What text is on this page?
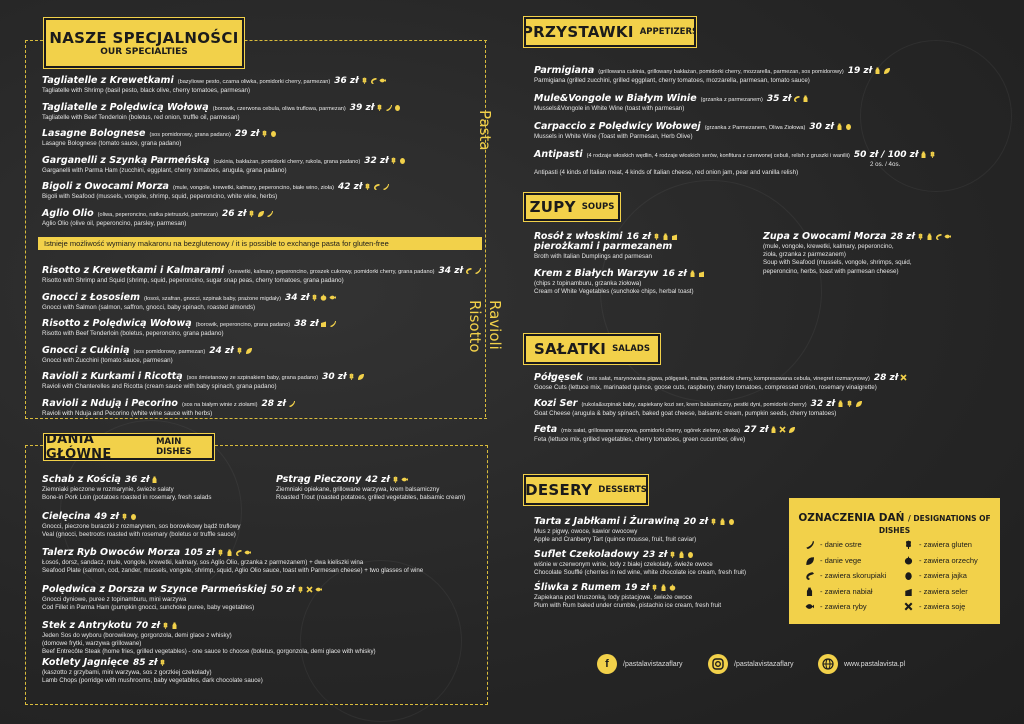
NASZE SPECJALNOŚCI
OUR SPECIALTIES
Pasta
Ravioli
Risotto
Tagliatelle z Krewetkami (bazyliowe pesto, czarna oliwka, pomidorki cherry, parmezan) 36 zł
Tagliatelle with Shrimp (basil pesto, black olive, cherry tomatoes, parmesan)
Tagliatelle z Polędwicą Wołową (borowik, czerwona cebula, oliwa truflowa, parmezan) 39 zł
Tagliatelle with Beef Tenderloin (boletus, red onion, truffle oil, parmesan)
Lasagne Bolognese (sos pomidorowy, grana padano) 29 zł
Lasagne Bolognese (tomato sauce, grana padano)
Garganelli z Szynką Parmeńską (cukinia, bakłażan, pomidorki cherry, rukola, grana padano) 32 zł
Garganelli with Parma Ham (zucchini, eggplant, cherry tomatoes, arugula, grana padano)
Bigoli z Owocami Morza (mule, vongole, krewetki, kalmary, peperoncino, białe wino, zioła) 42 zł
Bigoli with Seafood (mussels, vongole, shrimp, squid, peperoncino, white wine, herbs)
Aglio Olio (oliwa, peperoncino, natka pietruszki, parmezan) 26 zł
Aglio Olio (olive oil, peperoncino, parsley, parmesan)
Istnieje możliwość wymiany makaronu na bezglutenowy / it is possible to exchange pasta for gluten-free
Risotto z Krewetkami i Kalmarami (krewetki, kalmary, peperoncino, groszek cukrowy, pomidorki cherry, grana padano) 34 zł
Risotto with Shrimp and Squid (shrimp, squid, peperoncino, sugar snap peas, cherry tomatoes, grana padano)
Gnocci z Łososiem (łosoś, szafran, gnocci, szpinak baby, prażone migdały) 34 zł
Gnocci with Salmon (salmon, saffron, gnocci, baby spinach, roasted almonds)
Risotto z Polędwicą Wołową (borowik, peperoncino, grana padano) 38 zł
Risotto with Beef Tenderloin (boletus, peperoncino, grana padano)
Gnocci z Cukinią (sos pomidorowy, parmezan) 24 zł
Gnocci with Zucchini (tomato sauce, parmesan)
Ravioli z Kurkami i Ricottą (sos śmietanowy ze szpinakiem baby, grana padano) 30 zł
Ravioli with Chanterelles and Ricotta (cream sauce with baby spinach, grana padano)
Ravioli z Ndują i Pecorino (sos na białym winie z ziołami) 28 zł
Ravioli with Nduja and Pecorino (white wine sauce with herbs)
DANIA GŁÓWNE
MAIN DISHES
Schab z Kością 36 zł
Ziemniaki pieczone w rozmarynie, świeże sałaty
Bone-in Pork Loin (potatoes roasted in rosemary, fresh salads
Cielęcina 49 zł
Gnocci, pieczone buraczki z rozmarynem, sos borowikowy bądź truflowy
Veal (gnocci, beetroots roasted with rosemary (boletus or truffle sauce)
Talerz Ryb Owoców Morza 105 zł
Łosoś, dorsz, sandacz, mule, vongole, krewetki, kalmary, sos Aglio Olio, grzanka z parmezanem) + dwa kieliszki wina
Seafood Plate (salmon, cod, zander, mussels, vongole, shrimp, squid, Aglio Olio sauce, toast with Parmesan cheese) + two glasses of wine
Polędwica z Dorsza w Szynce Parmeńskiej 50 zł
Gnocci dyniowe, puree z topinamburu, mini warzywa
Cod Fillet in Parma Ham (pumpkin gnocci, sunchoke puree, baby vegetables)
Stek z Antrykotu 70 zł
Jeden Sos do wyboru (borowikowy, gorgonzola, demi glace z whisky)
(domowe frytki, warzywa grillowane)
Beef Entrecôte Steak (home fries, grilled vegetables) - one sauce to choose (boletus, gorgonzola, demi glace with whisky)
Kotlety Jagnięce 85 zł
(kaszotto z grzybami, mini warzywa, sos z gorzkiej czekolady)
Lamb Chops (porridge with mushrooms, baby vegetables, dark chocolate sauce)
Pstrąg Pieczony 42 zł
Ziemniaki opiekane, grillowane warzywa, krem balsamiczny
Roasted Trout (roasted potatoes, grilled vegetables, balsamic cream)
PRZYSTAWKI APPETIZERS
Parmigiana (grillowana cukinia, grillowany bakłażan, pomidorki cherry, mozzarella, parmezan, sos pomidorowy) 19 zł
Parmigiana (grilled zucchini, grilled eggplant, cherry tomatoes, mozzarella, parmesan, tomato sauce)
Mule&Vongole w Białym Winie (grzanka z parmezanem) 35 zł
Mussels&Vongole in White Wine (toast with parmesan)
Carpaccio z Polędwicy Wołowej (grzanka z Parmezanem, Oliwa Ziołowa) 30 zł
Mussels in White Wine (Toast with Parmesan, Herb Olive)
Antipasti (4 rodzaje włoskich wędlin, 4 rodzaje włoskich serów, konfitura z czerwonej cebuli, relish z gruszki i wanilii) 50 zł / 100 zł
2 os. / 4os.
Antipasti (4 kinds of Italian meat, 4 kinds of Italian cheese, red onion jam, pear and vanilla relish)
ZUPY SOUPS
Rosół z włoskimi 16 zł
pierożkami i parmezanem
Broth with Italian Dumplings and parmesan
Krem z Białych Warzyw 16 zł
(chips z topinamburu, grzanka ziołowa)
Cream of White Vegetables (sunchoke chips, herbal toast)
Zupa z Owocami Morza 28 zł
(mule, vongole, krewetki, kalmary, peperoncino,
zioła, grzanka z parmezanem)
Soup with Seafood (mussels, vongole, shrimps, squid,
peperoncino, herbs, toast with parmesan cheese)
SAŁATKI SALADS
Półgęsek (mix sałat, marynowana pigwa, półgęsek, malina, pomidorki cherry, kompresowana cebula, vinegret rozmarynowy) 28 zł
Goose Cuts (lettuce mix, marinated quince, goose cuts, raspberry, cherry tomatoes, compressed onion, rosemary vinaigrette)
Kozi Ser (rukola&szpinak baby, zapiekany kozi ser, krem balsamiczny, pestki dyni, pomidorki cherry) 32 zł
Goat Cheese (arugula & baby spinach, baked goat cheese, balsamic cream, pumpkin seeds, cherry tomatoes)
Feta (mix sałat, grillowane warzywa, pomidorki cherry, ogórek zielony, oliwka) 27 zł
Feta (lettuce mix, grilled vegetables, cherry tomatoes, green cucumber, olive)
DESERY DESSERTS
Tarta z Jabłkami i Żurawiną 20 zł
Mus z pigwy, owoce, kawior owocowy
Apple and Cranberry Tart (quince mousse, fruit, fruit caviar)
Suflet Czekoladowy 23 zł
wiśnie w czerwonym winie, lody z białej czekolady, świeże owoce
Chocolate Soufflé (cherries in red wine, white chocolate ice cream, fresh fruit)
Śliwka z Rumem 19 zł
Zapiekana pod kruszonką, lody pistacjowe, świeże owoce
Plum with Rum baked under crumble, pistachio ice cream, fresh fruit
OZNACZENIA DAŃ / DESIGNATIONS OF DISHES
- danie ostre
- danie vege
- zawiera skorupiaki
- zawiera nabiał
- zawiera ryby
- zawiera gluten
- zawiera orzechy
- zawiera jajka
- zawiera seler
- zawiera soję
f	/pastalavistazaflary	/pastalavistazaflary	www.pastalavista.pl
